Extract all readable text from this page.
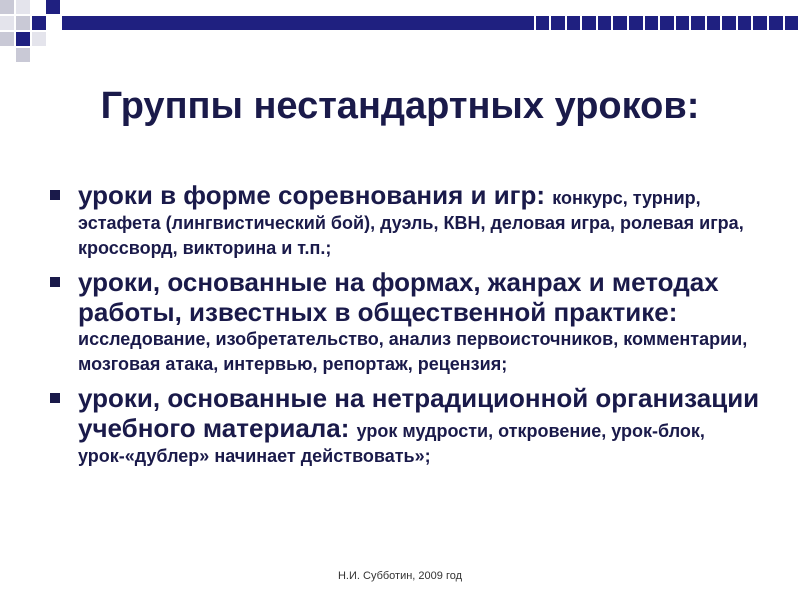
Группы нестандартных уроков:
уроки в форме соревнования и игр: конкурс, турнир, эстафета (лингвистический бой), дуэль, КВН, деловая игра, ролевая игра, кроссворд, викторина и т.п.;
уроки, основанные на формах, жанрах и методах работы, известных в общественной практике: исследование, изобретательство, анализ первоисточников, комментарии, мозговая атака, интервью, репортаж, рецензия;
уроки, основанные на нетрадиционной организации учебного материала: урок мудрости, откровение, урок-блок, урок-«дублер» начинает действовать»;
Н.И. Субботин, 2009 год
